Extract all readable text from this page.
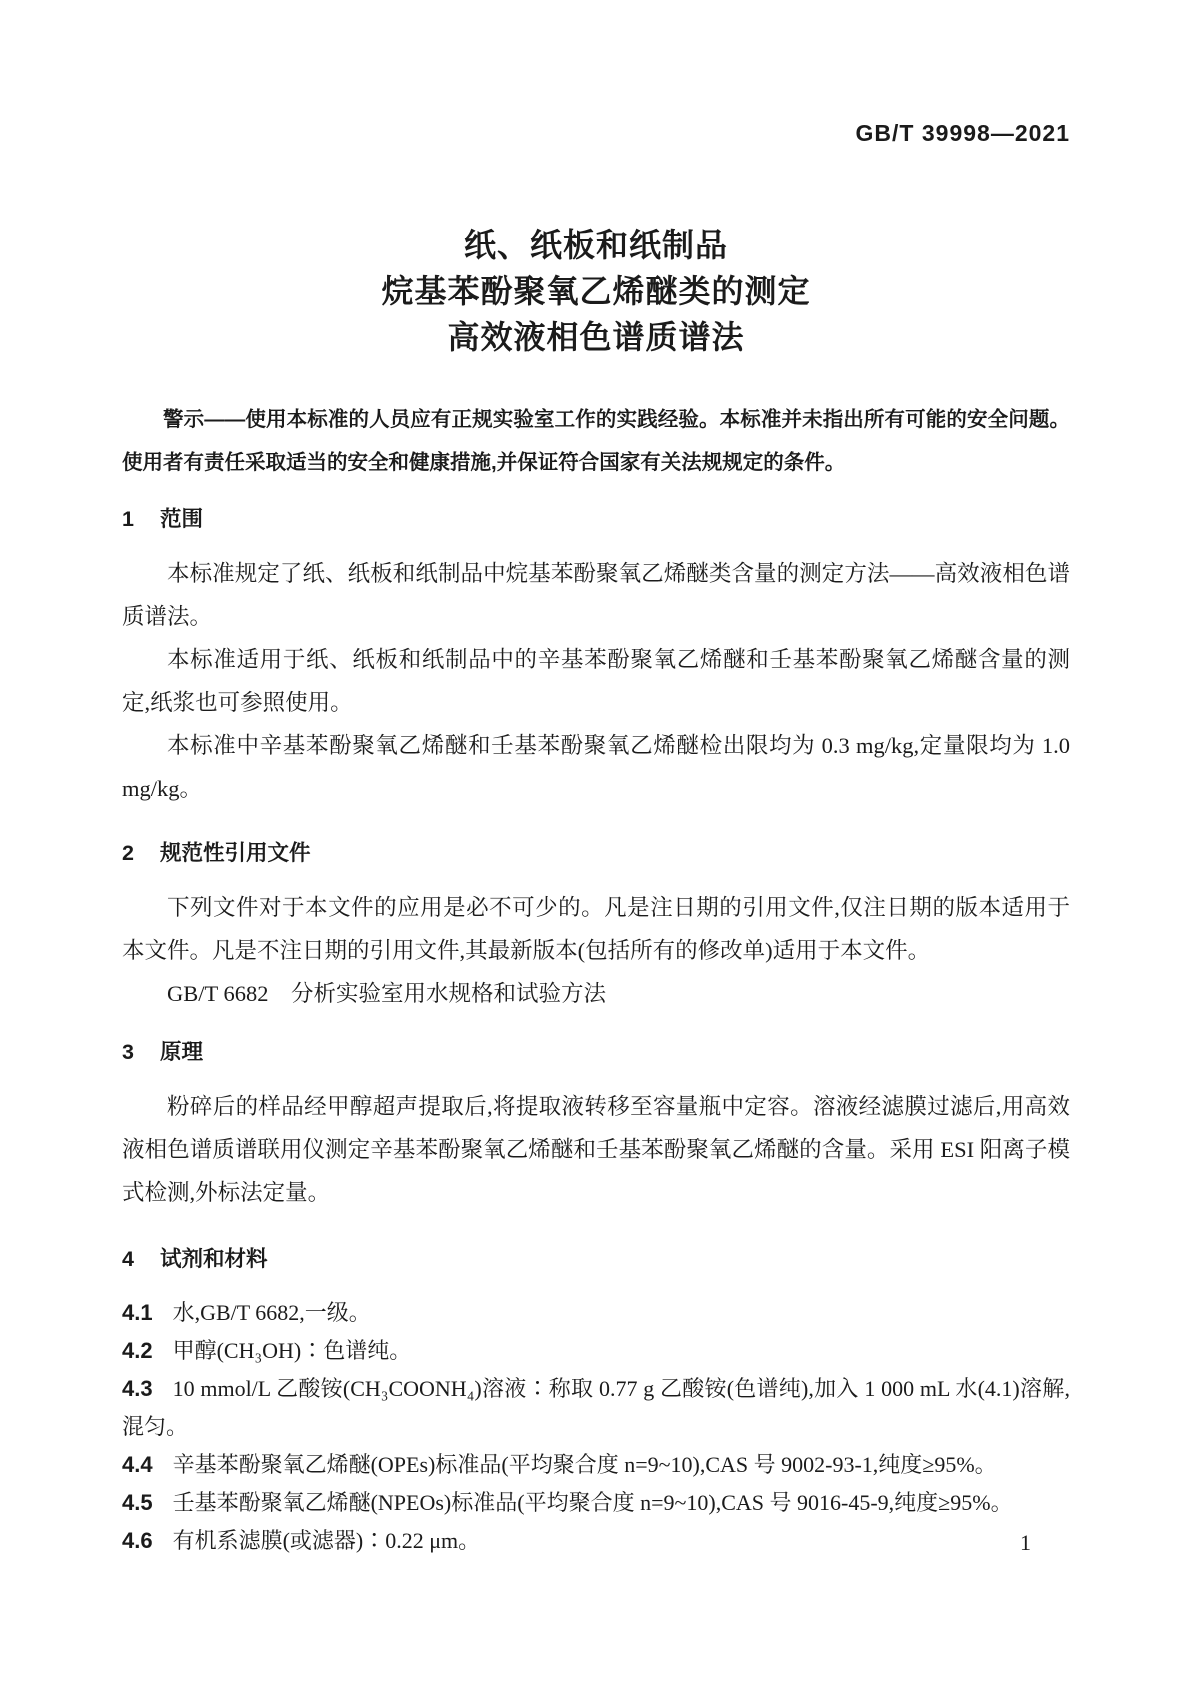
GB/T 39998—2021
纸、纸板和纸制品
烷基苯酚聚氧乙烯醚类的测定
高效液相色谱质谱法

警示——使用本标准的人员应有正规实验室工作的实践经验。本标准并未指出所有可能的安全问题。使用者有责任采取适当的安全和健康措施,并保证符合国家有关法规规定的条件。

1 范围

本标准规定了纸、纸板和纸制品中烷基苯酚聚氧乙烯醚类含量的测定方法——高效液相色谱质谱法。

本标准适用于纸、纸板和纸制品中的辛基苯酚聚氧乙烯醚和壬基苯酚聚氧乙烯醚含量的测定,纸浆也可参照使用。

本标准中辛基苯酚聚氧乙烯醚和壬基苯酚聚氧乙烯醚检出限均为 0.3 mg/kg,定量限均为 1.0 mg/kg。

2 规范性引用文件

下列文件对于本文件的应用是必不可少的。凡是注日期的引用文件,仅注日期的版本适用于本文件。凡是不注日期的引用文件,其最新版本(包括所有的修改单)适用于本文件。

GB/T 6682　分析实验室用水规格和试验方法

3 原理

粉碎后的样品经甲醇超声提取后,将提取液转移至容量瓶中定容。溶液经滤膜过滤后,用高效液相色谱质谱联用仪测定辛基苯酚聚氧乙烯醚和壬基苯酚聚氧乙烯醚的含量。采用 ESI 阳离子模式检测,外标法定量。

4 试剂和材料

4.1 水,GB/T 6682,一级。

4.2 甲醇(CH₃OH)∶色谱纯。

4.3 10 mmol/L 乙酸铵(CH₃COONH₄)溶液∶称取 0.77 g 乙酸铵(色谱纯),加入 1 000 mL 水(4.1)溶解,混匀。

4.4 辛基苯酚聚氧乙烯醚(OPEs)标准品(平均聚合度 n=9~10),CAS 号 9002-93-1,纯度≥95%。

4.5 壬基苯酚聚氧乙烯醚(NPEOs)标准品(平均聚合度 n=9~10),CAS 号 9016-45-9,纯度≥95%。

4.6 有机系滤膜(或滤器)∶0.22 μm。	1
